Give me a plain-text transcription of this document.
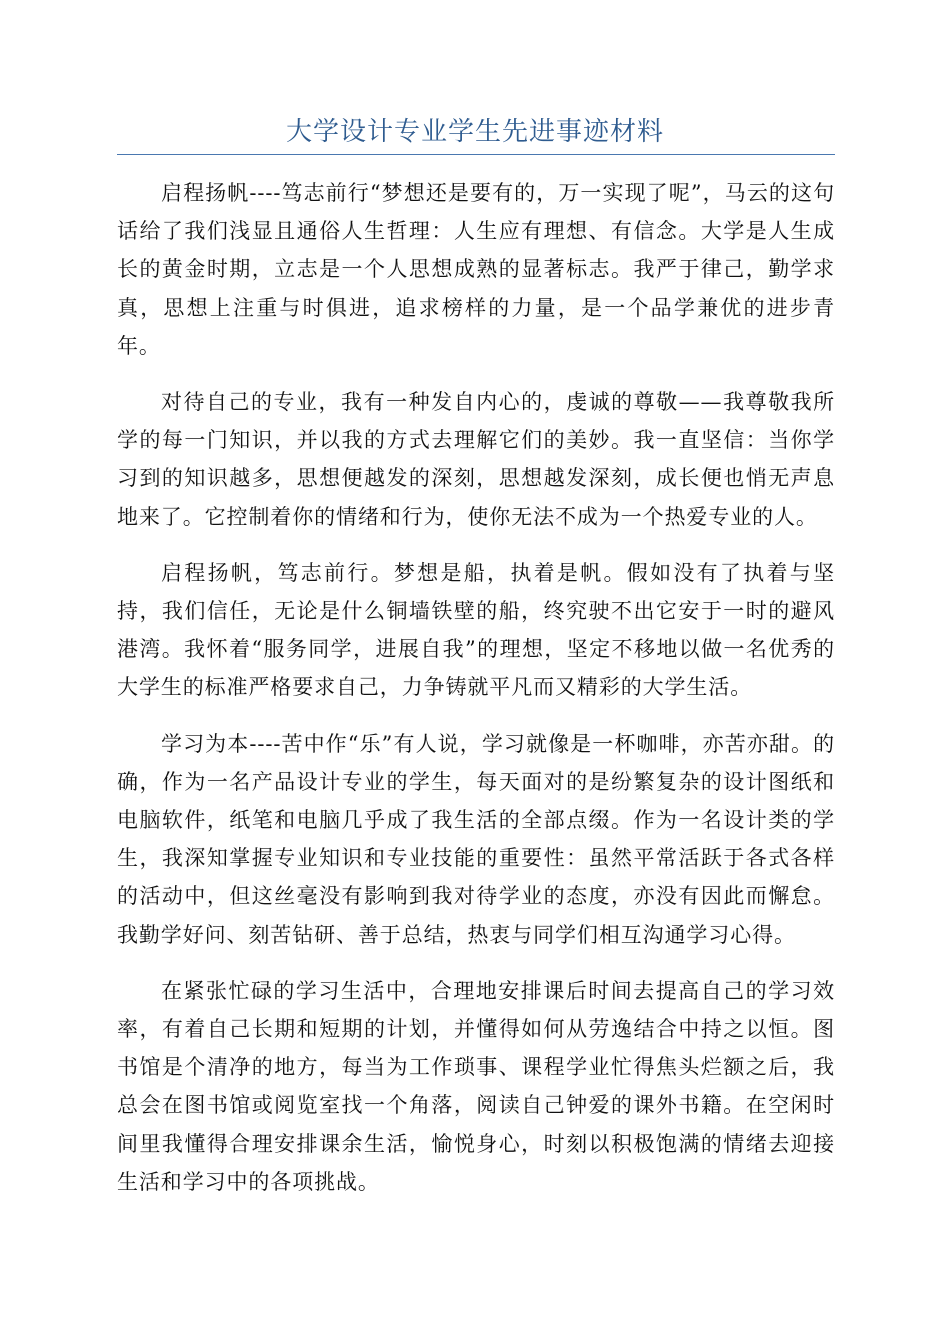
大学设计专业学生先进事迹材料

启程扬帆----笃志前行“梦想还是要有的，万一实现了呢”，马云的这句话给了我们浅显且通俗人生哲理：人生应有理想、有信念。大学是人生成长的黄金时期，立志是一个人思想成熟的显著标志。我严于律己，勤学求真，思想上注重与时俱进，追求榜样的力量，是一个品学兼优的进步青年。

对待自己的专业，我有一种发自内心的，虔诚的尊敬——我尊敬我所学的每一门知识，并以我的方式去理解它们的美妙。我一直坚信：当你学习到的知识越多，思想便越发的深刻，思想越发深刻，成长便也悄无声息地来了。它控制着你的情绪和行为，使你无法不成为一个热爱专业的人。

启程扬帆，笃志前行。梦想是船，执着是帆。假如没有了执着与坚持，我们信任，无论是什么铜墙铁壁的船，终究驶不出它安于一时的避风港湾。我怀着“服务同学，进展自我”的理想，坚定不移地以做一名优秀的大学生的标准严格要求自己，力争铸就平凡而又精彩的大学生活。

学习为本----苦中作“乐”有人说，学习就像是一杯咖啡，亦苦亦甜。的确，作为一名产品设计专业的学生，每天面对的是纷繁复杂的设计图纸和电脑软件，纸笔和电脑几乎成了我生活的全部点缀。作为一名设计类的学生，我深知掌握专业知识和专业技能的重要性：虽然平常活跃于各式各样的活动中，但这丝毫没有影响到我对待学业的态度，亦没有因此而懈怠。我勤学好问、刻苦钻研、善于总结，热衷与同学们相互沟通学习心得。

在紧张忙碌的学习生活中，合理地安排课后时间去提高自己的学习效率，有着自己长期和短期的计划，并懂得如何从劳逸结合中持之以恒。图书馆是个清净的地方，每当为工作琐事、课程学业忙得焦头烂额之后，我总会在图书馆或阅览室找一个角落，阅读自己钟爱的课外书籍。在空闲时间里我懂得合理安排课余生活，愉悦身心，时刻以积极饱满的情绪去迎接生活和学习中的各项挑战。
